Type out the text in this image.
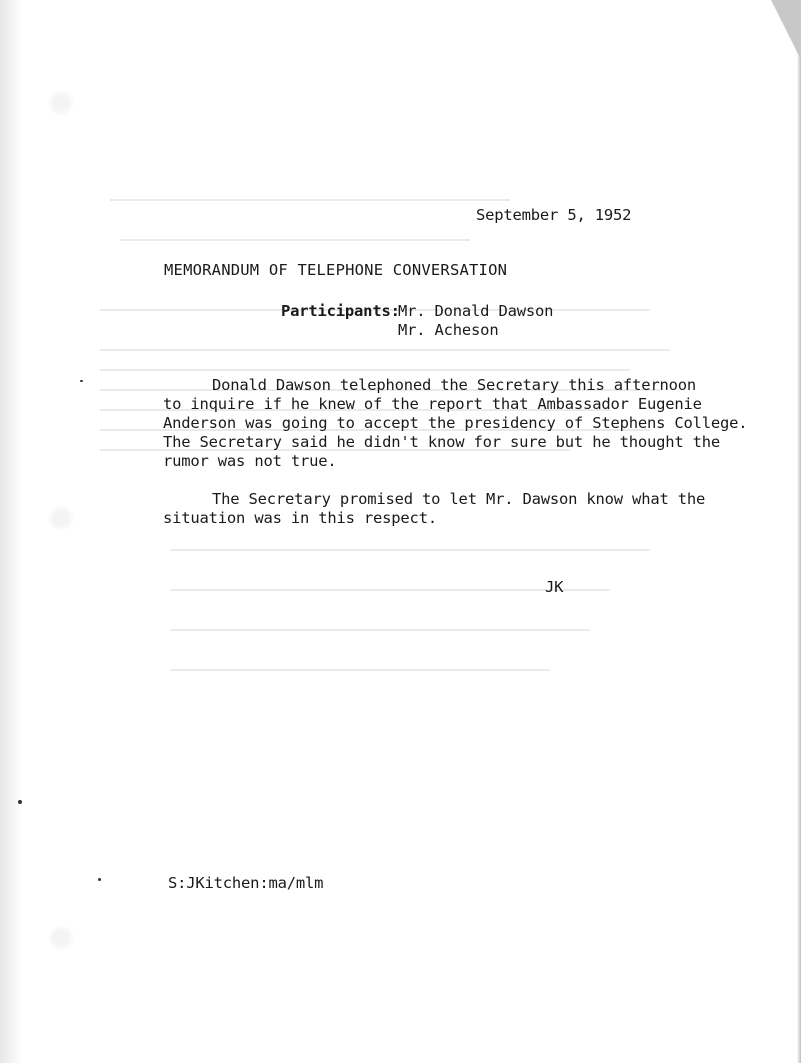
September 5, 1952
MEMORANDUM OF TELEPHONE CONVERSATION
Participants:
Mr. Donald Dawson
Mr. Acheson
Donald Dawson telephoned the Secretary this afternoon
to inquire if he knew of the report that Ambassador Eugenie
Anderson was going to accept the presidency of Stephens College.
The Secretary said he didn't know for sure but he thought the
rumor was not true.
The Secretary promised to let Mr. Dawson know what the
situation was in this respect.
JK
S:JKitchen:ma/mlm
